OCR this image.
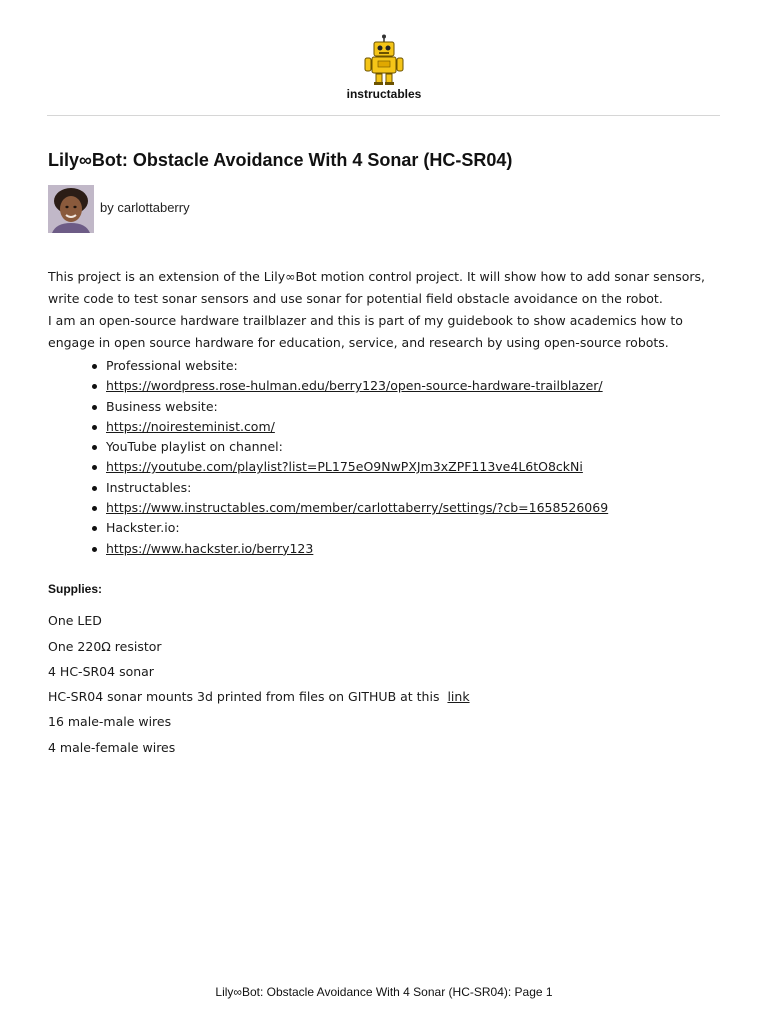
instructables
Lily∞Bot: Obstacle Avoidance With 4 Sonar (HC-SR04)
by carlottaberry

This project is an extension of the Lily∞Bot motion control project. It will show how to add sonar sensors, write code to test sonar sensors and use sonar for potential field obstacle avoidance on the robot.

I am an open-source hardware trailblazer and this is part of my guidebook to show academics how to engage in open source hardware for education, service, and research by using open-source robots.

Professional website:
https://wordpress.rose-hulman.edu/berry123/open-source-hardware-trailblazer/
Business website:
https://noiresteminist.com/
YouTube playlist on channel:
https://youtube.com/playlist?list=PL175eO9NwPXJm3xZPF113ve4L6tO8ckNi
Instructables:
https://www.instructables.com/member/carlottaberry/settings/?cb=1658526069
Hackster.io:
https://www.hackster.io/berry123
Supplies:
One LED
One 220Ω resistor
4 HC-SR04 sonar
HC-SR04 sonar mounts 3d printed from files on GITHUB at this link
16 male-male wires
4 male-female wires
Lily∞Bot: Obstacle Avoidance With 4 Sonar (HC-SR04): Page 1
